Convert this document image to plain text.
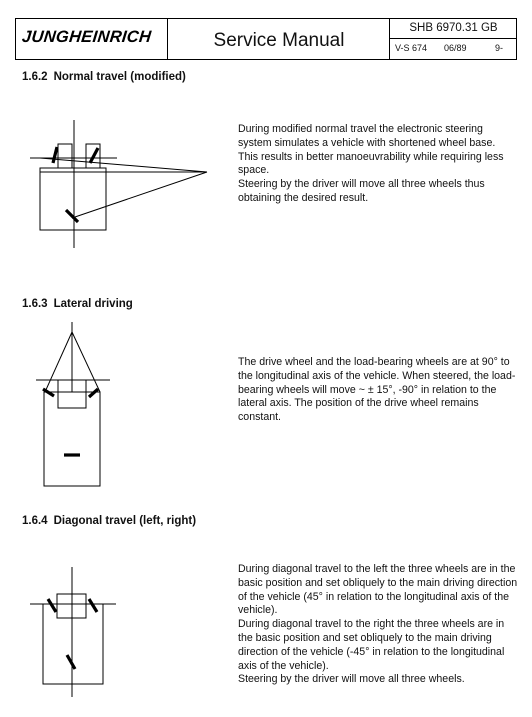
JUNGHEINRICH	Service Manual
SHB 6970.31 GB
V-S 674 06/89	9-
1.6.2 Normal travel (modified)

During modified normal travel the electronic steering system simulates a vehicle with shortened wheel base. This results in better manoeuvrability while requiring less space.

Steering by the driver will move all three wheels thus obtaining the desired result.

1.6.3 Lateral driving

The drive wheel and the load-bearing wheels are at 90° to the longitudinal axis of the vehicle. When steered, the load-bearing wheels will move ~ ± 15°, -90° in relation to the lateral axis. The position of the drive wheel remains constant.

1.6.4 Diagonal travel (left, right)

During diagonal travel to the left the three wheels are in the basic position and set obliquely to the main driving direction of the vehicle (45° in relation to the longitudinal axis of the vehicle).

During diagonal travel to the right the three wheels are in the basic position and set obliquely to the main driving direction of the vehicle (-45° in relation to the longitudinal axis of the vehicle).

Steering by the driver will move all three wheels.
